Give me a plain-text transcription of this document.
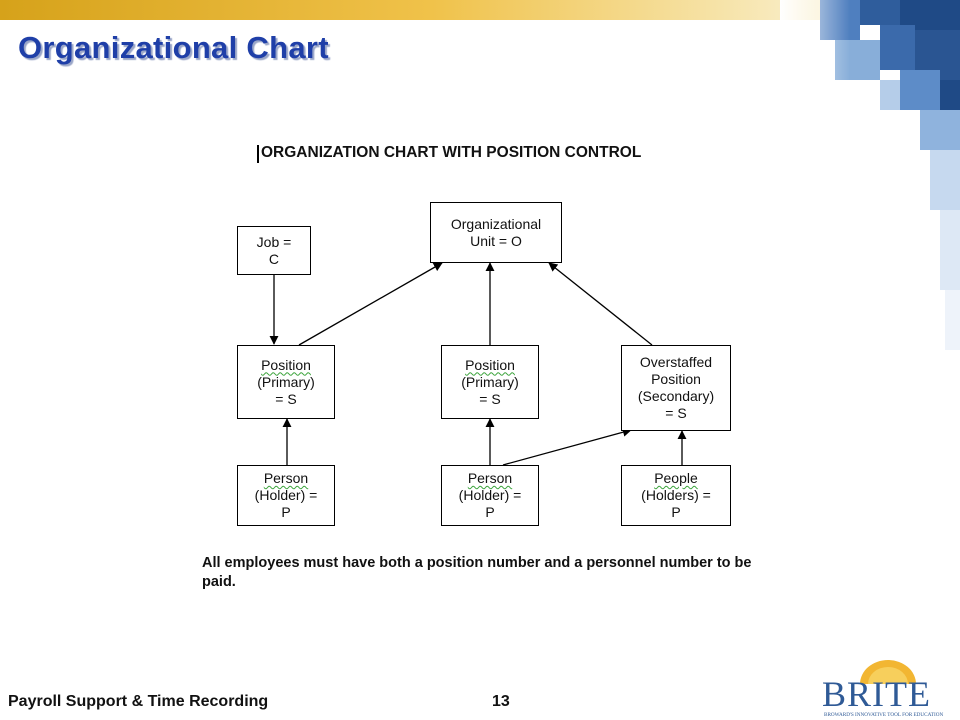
Organizational Chart
ORGANIZATION CHART WITH POSITION CONTROL
Organizational
Unit = O
Job =
C
Position
(Primary)
= S
Position
(Primary)
= S
Overstaffed
Position
(Secondary)
= S
Person
(Holder) =
P
Person
(Holder) =
P
People
(Holders) =
P
All employees must have both a position number and a personnel number to be paid.
Payroll Support & Time Recording	13	BRITE
BROWARD'S INNOVATIVE TOOL FOR EDUCATION
